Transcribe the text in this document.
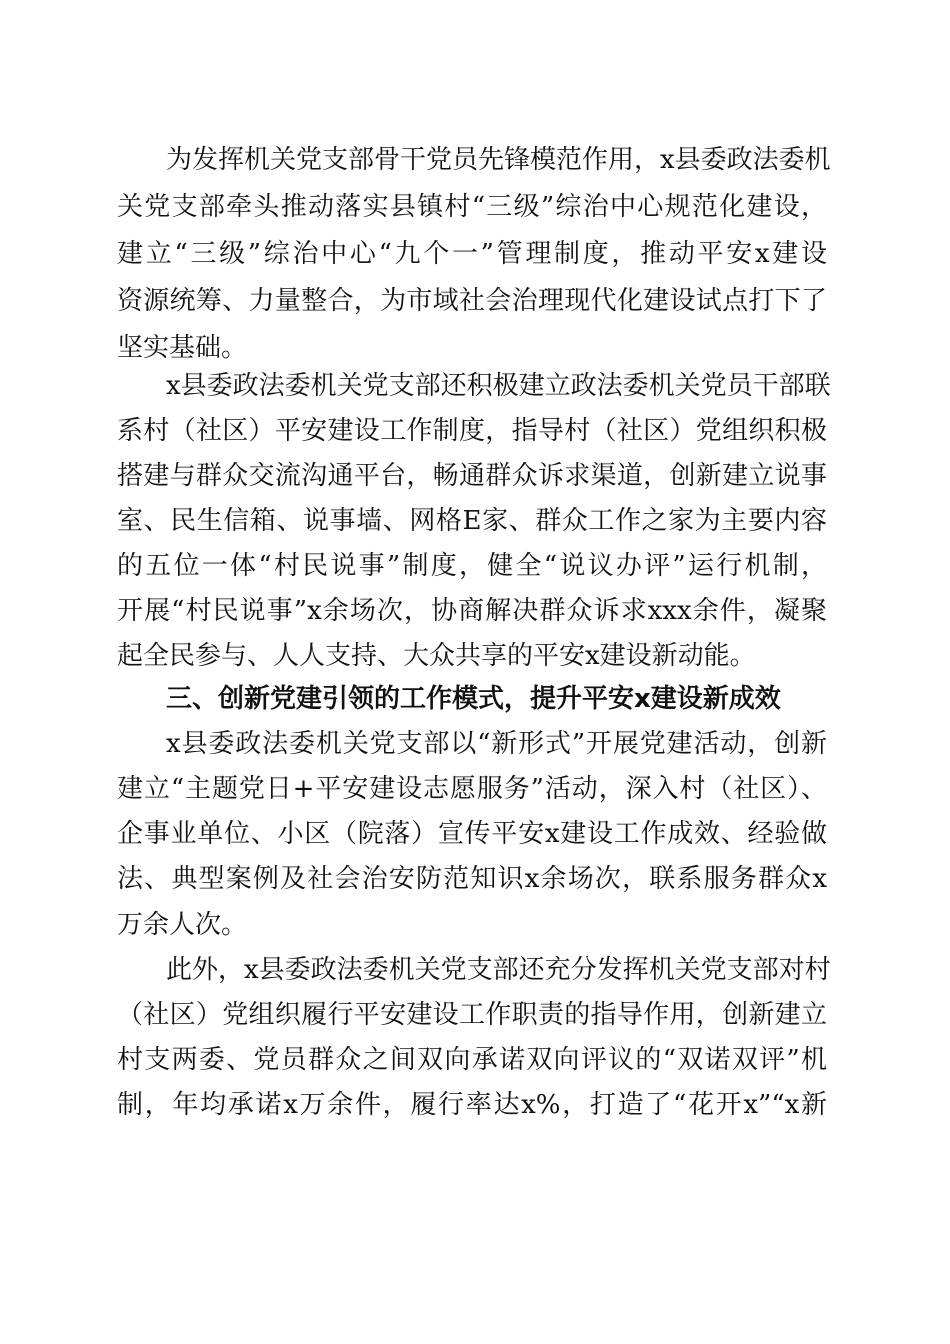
为发挥机关党支部骨干党员先锋模范作用，x县委政法委机
关党支部牵头推动落实县镇村“三级”综治中心规范化建设，
建立“三级”综治中心“九个一”管理制度，推动平安x建设
资源统筹、力量整合，为市域社会治理现代化建设试点打下了
坚实基础。
x县委政法委机关党支部还积极建立政法委机关党员干部联
系村（社区）平安建设工作制度，指导村（社区）党组织积极
搭建与群众交流沟通平台，畅通群众诉求渠道，创新建立说事
室、民生信箱、说事墙、网格E家、群众工作之家为主要内容
的五位一体“村民说事”制度，健全“说议办评”运行机制，
开展“村民说事”x余场次，协商解决群众诉求xxx余件，凝聚
起全民参与、人人支持、大众共享的平安x建设新动能。
三、创新党建引领的工作模式，提升平安x建设新成效
x县委政法委机关党支部以“新形式”开展党建活动，创新
建立“主题党日+平安建设志愿服务”活动，深入村（社区）、
企事业单位、小区（院落）宣传平安x建设工作成效、经验做
法、典型案例及社会治安防范知识x余场次，联系服务群众x
万余人次。
此外，x县委政法委机关党支部还充分发挥机关党支部对村
（社区）党组织履行平安建设工作职责的指导作用，创新建立
村支两委、党员群众之间双向承诺双向评议的“双诺双评”机
制，年均承诺x万余件，履行率达x%，打造了“花开x”“x新
